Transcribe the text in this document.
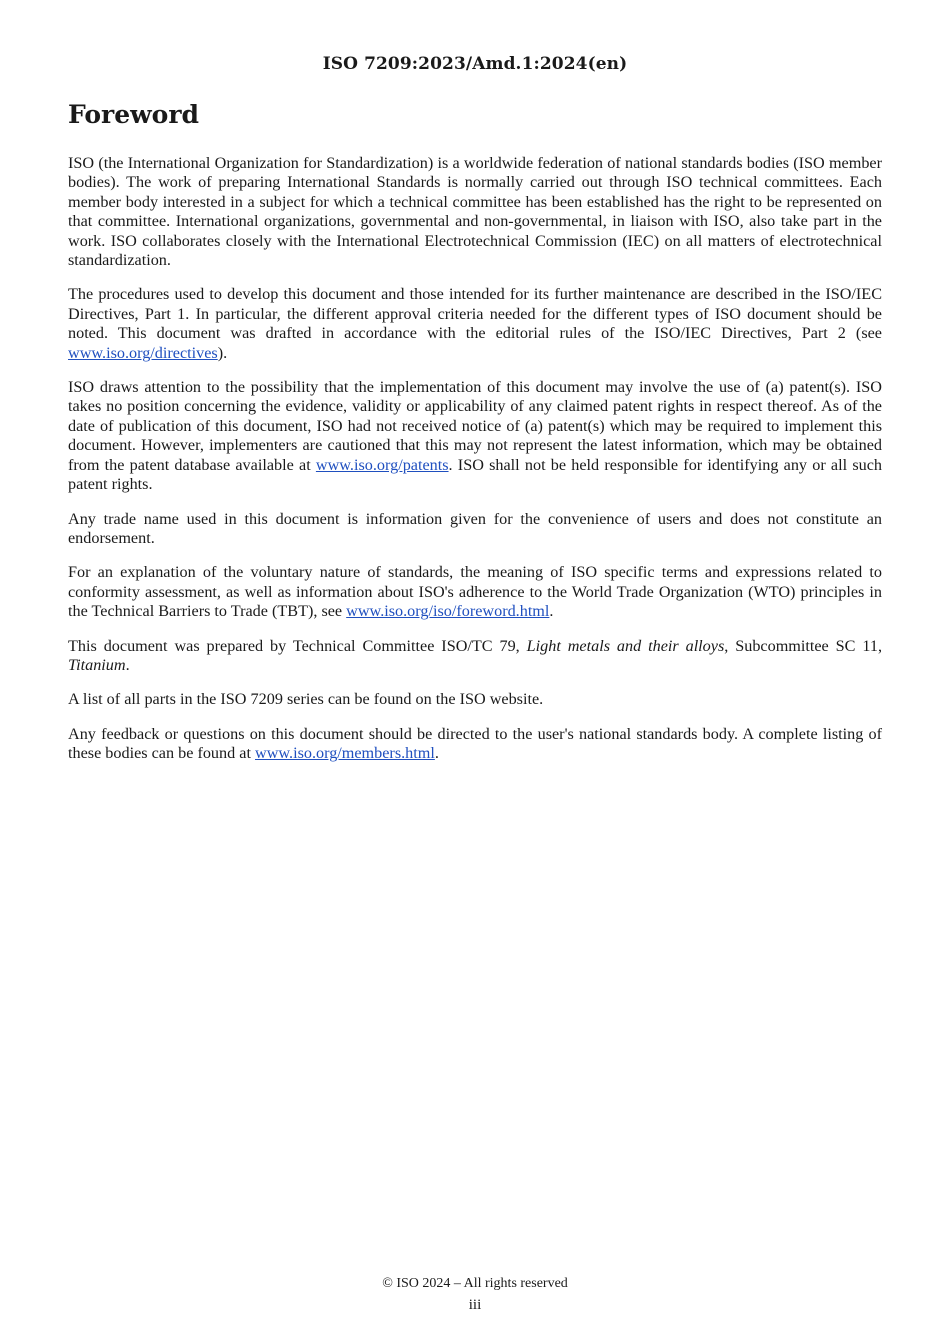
ISO 7209:2023/Amd.1:2024(en)
Foreword

ISO (the International Organization for Standardization) is a worldwide federation of national standards bodies (ISO member bodies). The work of preparing International Standards is normally carried out through ISO technical committees. Each member body interested in a subject for which a technical committee has been established has the right to be represented on that committee. International organizations, governmental and non-governmental, in liaison with ISO, also take part in the work. ISO collaborates closely with the International Electrotechnical Commission (IEC) on all matters of electrotechnical standardization.

The procedures used to develop this document and those intended for its further maintenance are described in the ISO/IEC Directives, Part 1. In particular, the different approval criteria needed for the different types of ISO document should be noted. This document was drafted in accordance with the editorial rules of the ISO/IEC Directives, Part 2 (see www.iso.org/directives).

ISO draws attention to the possibility that the implementation of this document may involve the use of (a) patent(s). ISO takes no position concerning the evidence, validity or applicability of any claimed patent rights in respect thereof. As of the date of publication of this document, ISO had not received notice of (a) patent(s) which may be required to implement this document. However, implementers are cautioned that this may not represent the latest information, which may be obtained from the patent database available at www.iso.org/patents. ISO shall not be held responsible for identifying any or all such patent rights.

Any trade name used in this document is information given for the convenience of users and does not constitute an endorsement.

For an explanation of the voluntary nature of standards, the meaning of ISO specific terms and expressions related to conformity assessment, as well as information about ISO's adherence to the World Trade Organization (WTO) principles in the Technical Barriers to Trade (TBT), see www.iso.org/iso/foreword.html.

This document was prepared by Technical Committee ISO/TC 79, Light metals and their alloys, Subcommittee SC 11, Titanium.

A list of all parts in the ISO 7209 series can be found on the ISO website.

Any feedback or questions on this document should be directed to the user's national standards body. A complete listing of these bodies can be found at www.iso.org/members.html.

© ISO 2024 – All rights reserved
iii
